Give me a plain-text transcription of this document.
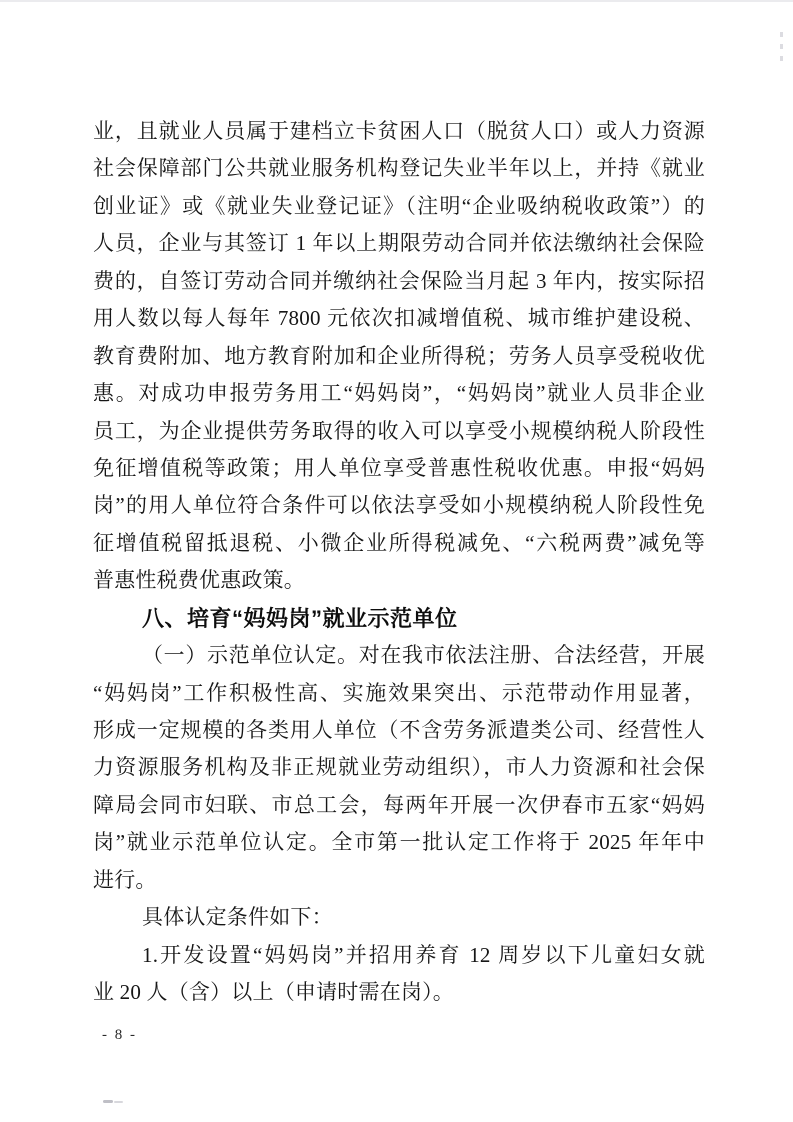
业，且就业人员属于建档立卡贫困人口（脱贫人口）或人力资源
社会保障部门公共就业服务机构登记失业半年以上，并持《就业
创业证》或《就业失业登记证》（注明“企业吸纳税收政策”）的
人员，企业与其签订 1 年以上期限劳动合同并依法缴纳社会保险
费的，自签订劳动合同并缴纳社会保险当月起 3 年内，按实际招
用人数以每人每年 7800 元依次扣减增值税、城市维护建设税、
教育费附加、地方教育附加和企业所得税；劳务人员享受税收优
惠。对成功申报劳务用工“妈妈岗”，“妈妈岗”就业人员非企业
员工，为企业提供劳务取得的收入可以享受小规模纳税人阶段性
免征增值税等政策；用人单位享受普惠性税收优惠。申报“妈妈
岗”的用人单位符合条件可以依法享受如小规模纳税人阶段性免
征增值税留抵退税、小微企业所得税减免、“六税两费”减免等
普惠性税费优惠政策。
八、培育“妈妈岗”就业示范单位
（一）示范单位认定。对在我市依法注册、合法经营，开展
“妈妈岗”工作积极性高、实施效果突出、示范带动作用显著，
形成一定规模的各类用人单位（不含劳务派遣类公司、经营性人
力资源服务机构及非正规就业劳动组织），市人力资源和社会保
障局会同市妇联、市总工会，每两年开展一次伊春市五家“妈妈
岗”就业示范单位认定。全市第一批认定工作将于 2025 年年中
进行。
具体认定条件如下：
1.开发设置“妈妈岗”并招用养育 12 周岁以下儿童妇女就
业 20 人（含）以上（申请时需在岗）。
- 8 -
